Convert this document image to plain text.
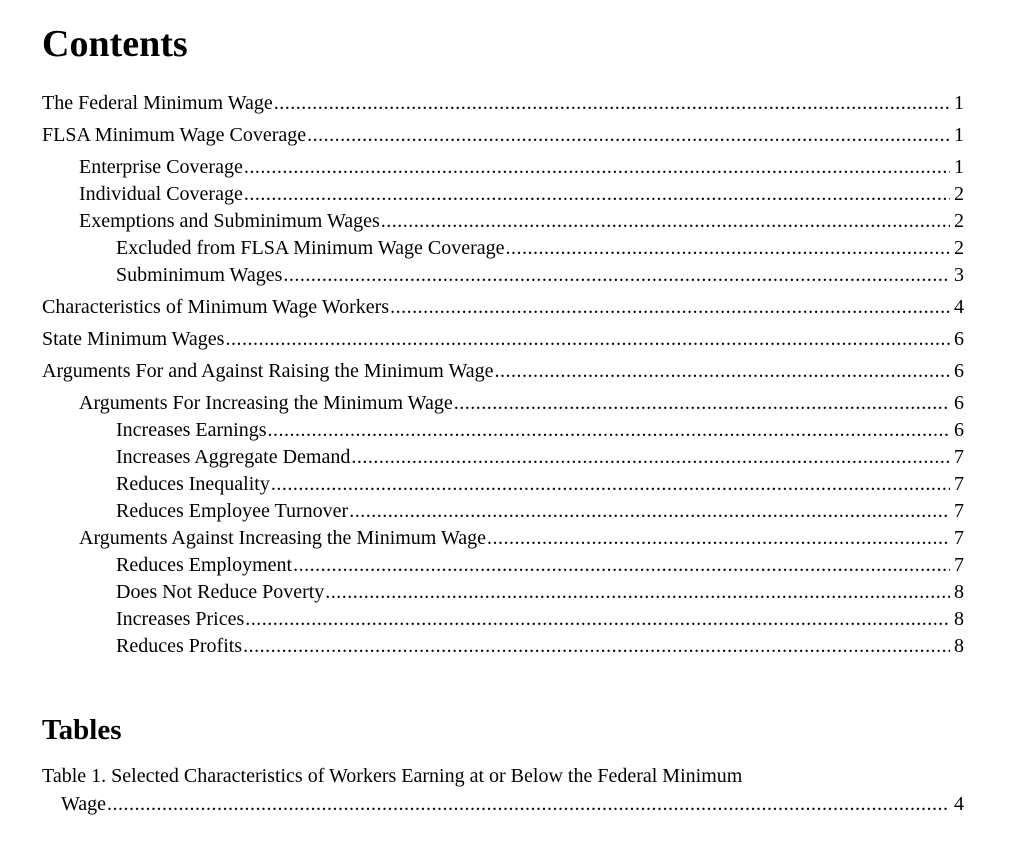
Contents
The Federal Minimum Wage .....	1
FLSA Minimum Wage Coverage .....	1
Enterprise Coverage .....	1
Individual Coverage .....	2
Exemptions and Subminimum Wages .....	2
Excluded from FLSA Minimum Wage Coverage .....	2
Subminimum Wages .....	3
Characteristics of Minimum Wage Workers .....	4
State Minimum Wages .....	6
Arguments For and Against Raising the Minimum Wage .....	6
Arguments For Increasing the Minimum Wage .....	6
Increases Earnings .....	6
Increases Aggregate Demand .....	7
Reduces Inequality .....	7
Reduces Employee Turnover .....	7
Arguments Against Increasing the Minimum Wage .....	7
Reduces Employment .....	7
Does Not Reduce Poverty .....	8
Increases Prices .....	8
Reduces Profits .....	8
Tables
Table 1. Selected Characteristics of Workers Earning at or Below the Federal Minimum
Wage .....	4
